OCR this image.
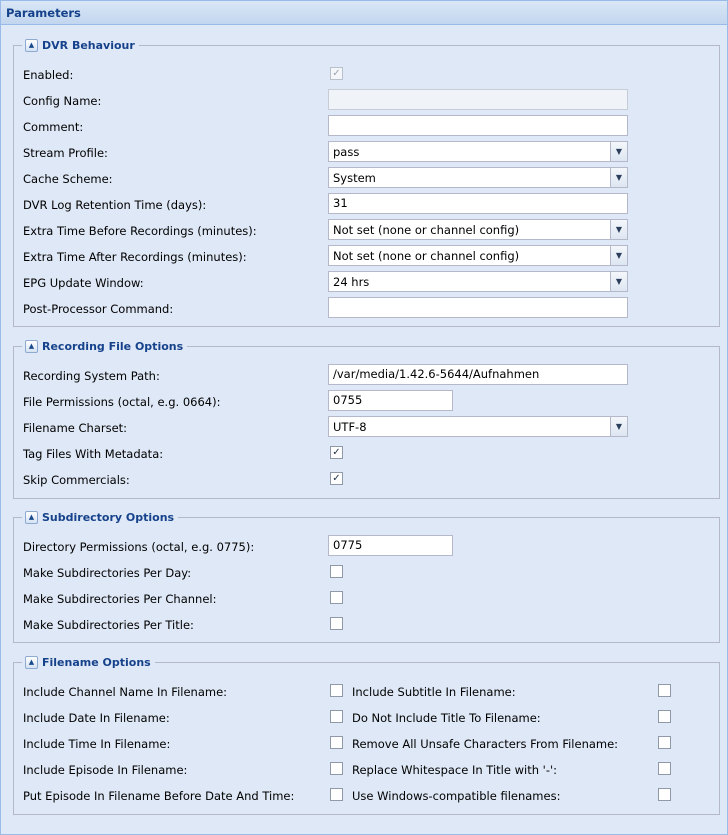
Parameters
▲ DVR Behaviour
Enabled:	✓
Config Name:
Comment:
Stream Profile:	pass	▼
Cache Scheme:	System	▼
DVR Log Retention Time (days):	31
Extra Time Before Recordings (minutes):	Not set (none or channel config)	▼
Extra Time After Recordings (minutes):	Not set (none or channel config)	▼
EPG Update Window:	24 hrs	▼
Post-Processor Command:
▲ Recording File Options
Recording System Path:	/var/media/1.42.6-5644/Aufnahmen
File Permissions (octal, e.g. 0664):	0755
Filename Charset:	UTF-8	▼
Tag Files With Metadata:	✓
Skip Commercials:	✓
▲ Subdirectory Options
Directory Permissions (octal, e.g. 0775):	0775
Make Subdirectories Per Day:
Make Subdirectories Per Channel:
Make Subdirectories Per Title:
▲ Filename Options
Include Channel Name In Filename:	Include Subtitle In Filename:
Include Date In Filename:	Do Not Include Title To Filename:
Include Time In Filename:	Remove All Unsafe Characters From Filename:
Include Episode In Filename:	Replace Whitespace In Title with '-':
Put Episode In Filename Before Date And Time:	Use Windows-compatible filenames:
